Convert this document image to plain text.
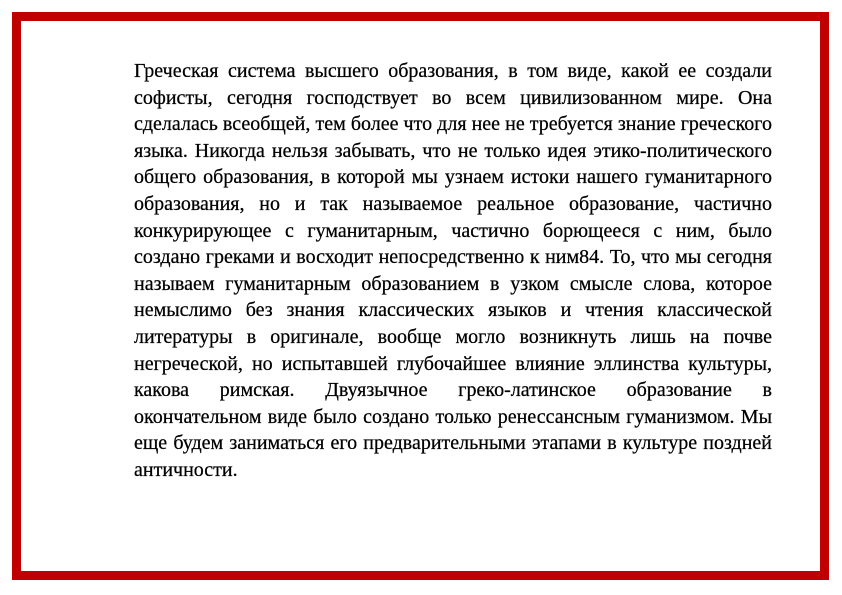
Греческая система высшего образования, в том виде, какой ее создали софисты, сегодня господствует во всем цивилизованном мире. Она сделалась всеобщей, тем более что для нее не требуется знание греческого языка. Никогда нельзя забывать, что не только идея этико-политического общего образования, в которой мы узнаем истоки нашего гуманитарного образования, но и так называемое реальное образование, частично конкурирующее с гуманитарным, частично борющееся с ним, было создано греками и восходит непосредственно к ним84. То, что мы сегодня называем гуманитарным образованием в узком смысле слова, которое немыслимо без знания классических языков и чтения классической литературы в оригинале, вообще могло возникнуть лишь на почве негреческой, но испытавшей глубочайшее влияние эллинства культуры, какова римская. Двуязычное греко-латинское образование в окончательном виде было создано только ренессансным гуманизмом. Мы еще будем заниматься его предварительными этапами в культуре поздней античности.
